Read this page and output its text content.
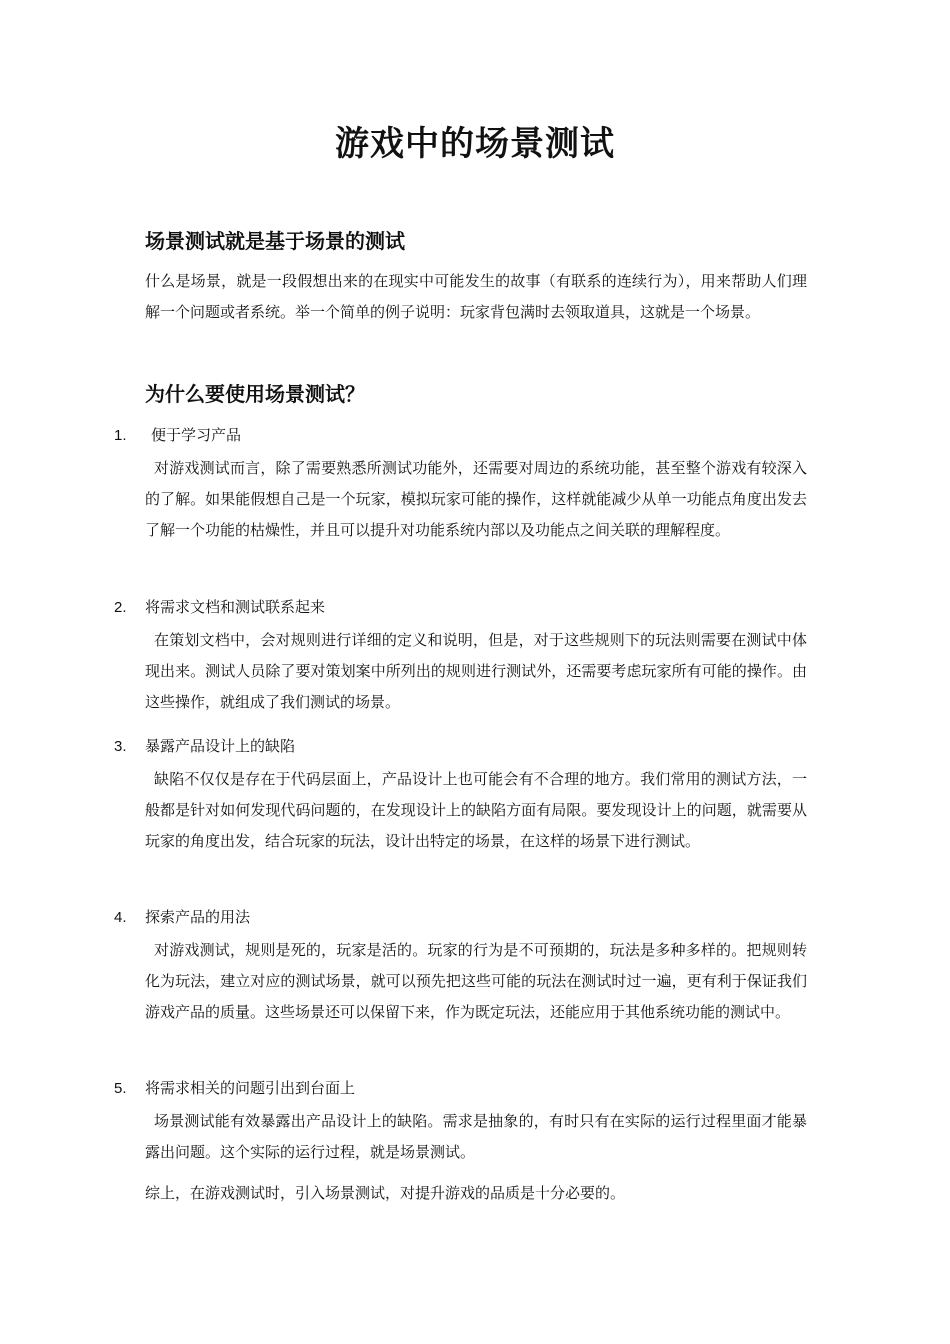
游戏中的场景测试
场景测试就是基于场景的测试

什么是场景，就是一段假想出来的在现实中可能发生的故事（有联系的连续行为），用来帮助人们理解一个问题或者系统。举一个简单的例子说明：玩家背包满时去领取道具，这就是一个场景。

为什么要使用场景测试？
1. 便于学习产品

对游戏测试而言，除了需要熟悉所测试功能外，还需要对周边的系统功能，甚至整个游戏有较深入的了解。如果能假想自己是一个玩家，模拟玩家可能的操作，这样就能减少从单一功能点角度出发去了解一个功能的枯燥性，并且可以提升对功能系统内部以及功能点之间关联的理解程度。

2. 将需求文档和测试联系起来

在策划文档中，会对规则进行详细的定义和说明，但是，对于这些规则下的玩法则需要在测试中体现出来。测试人员除了要对策划案中所列出的规则进行测试外，还需要考虑玩家所有可能的操作。由这些操作，就组成了我们测试的场景。

3. 暴露产品设计上的缺陷

缺陷不仅仅是存在于代码层面上，产品设计上也可能会有不合理的地方。我们常用的测试方法，一般都是针对如何发现代码问题的，在发现设计上的缺陷方面有局限。要发现设计上的问题，就需要从玩家的角度出发，结合玩家的玩法，设计出特定的场景，在这样的场景下进行测试。

4. 探索产品的用法

对游戏测试，规则是死的，玩家是活的。玩家的行为是不可预期的，玩法是多种多样的。把规则转化为玩法，建立对应的测试场景，就可以预先把这些可能的玩法在测试时过一遍，更有利于保证我们游戏产品的质量。这些场景还可以保留下来，作为既定玩法，还能应用于其他系统功能的测试中。

5. 将需求相关的问题引出到台面上

场景测试能有效暴露出产品设计上的缺陷。需求是抽象的，有时只有在实际的运行过程里面才能暴露出问题。这个实际的运行过程，就是场景测试。

综上，在游戏测试时，引入场景测试，对提升游戏的品质是十分必要的。
